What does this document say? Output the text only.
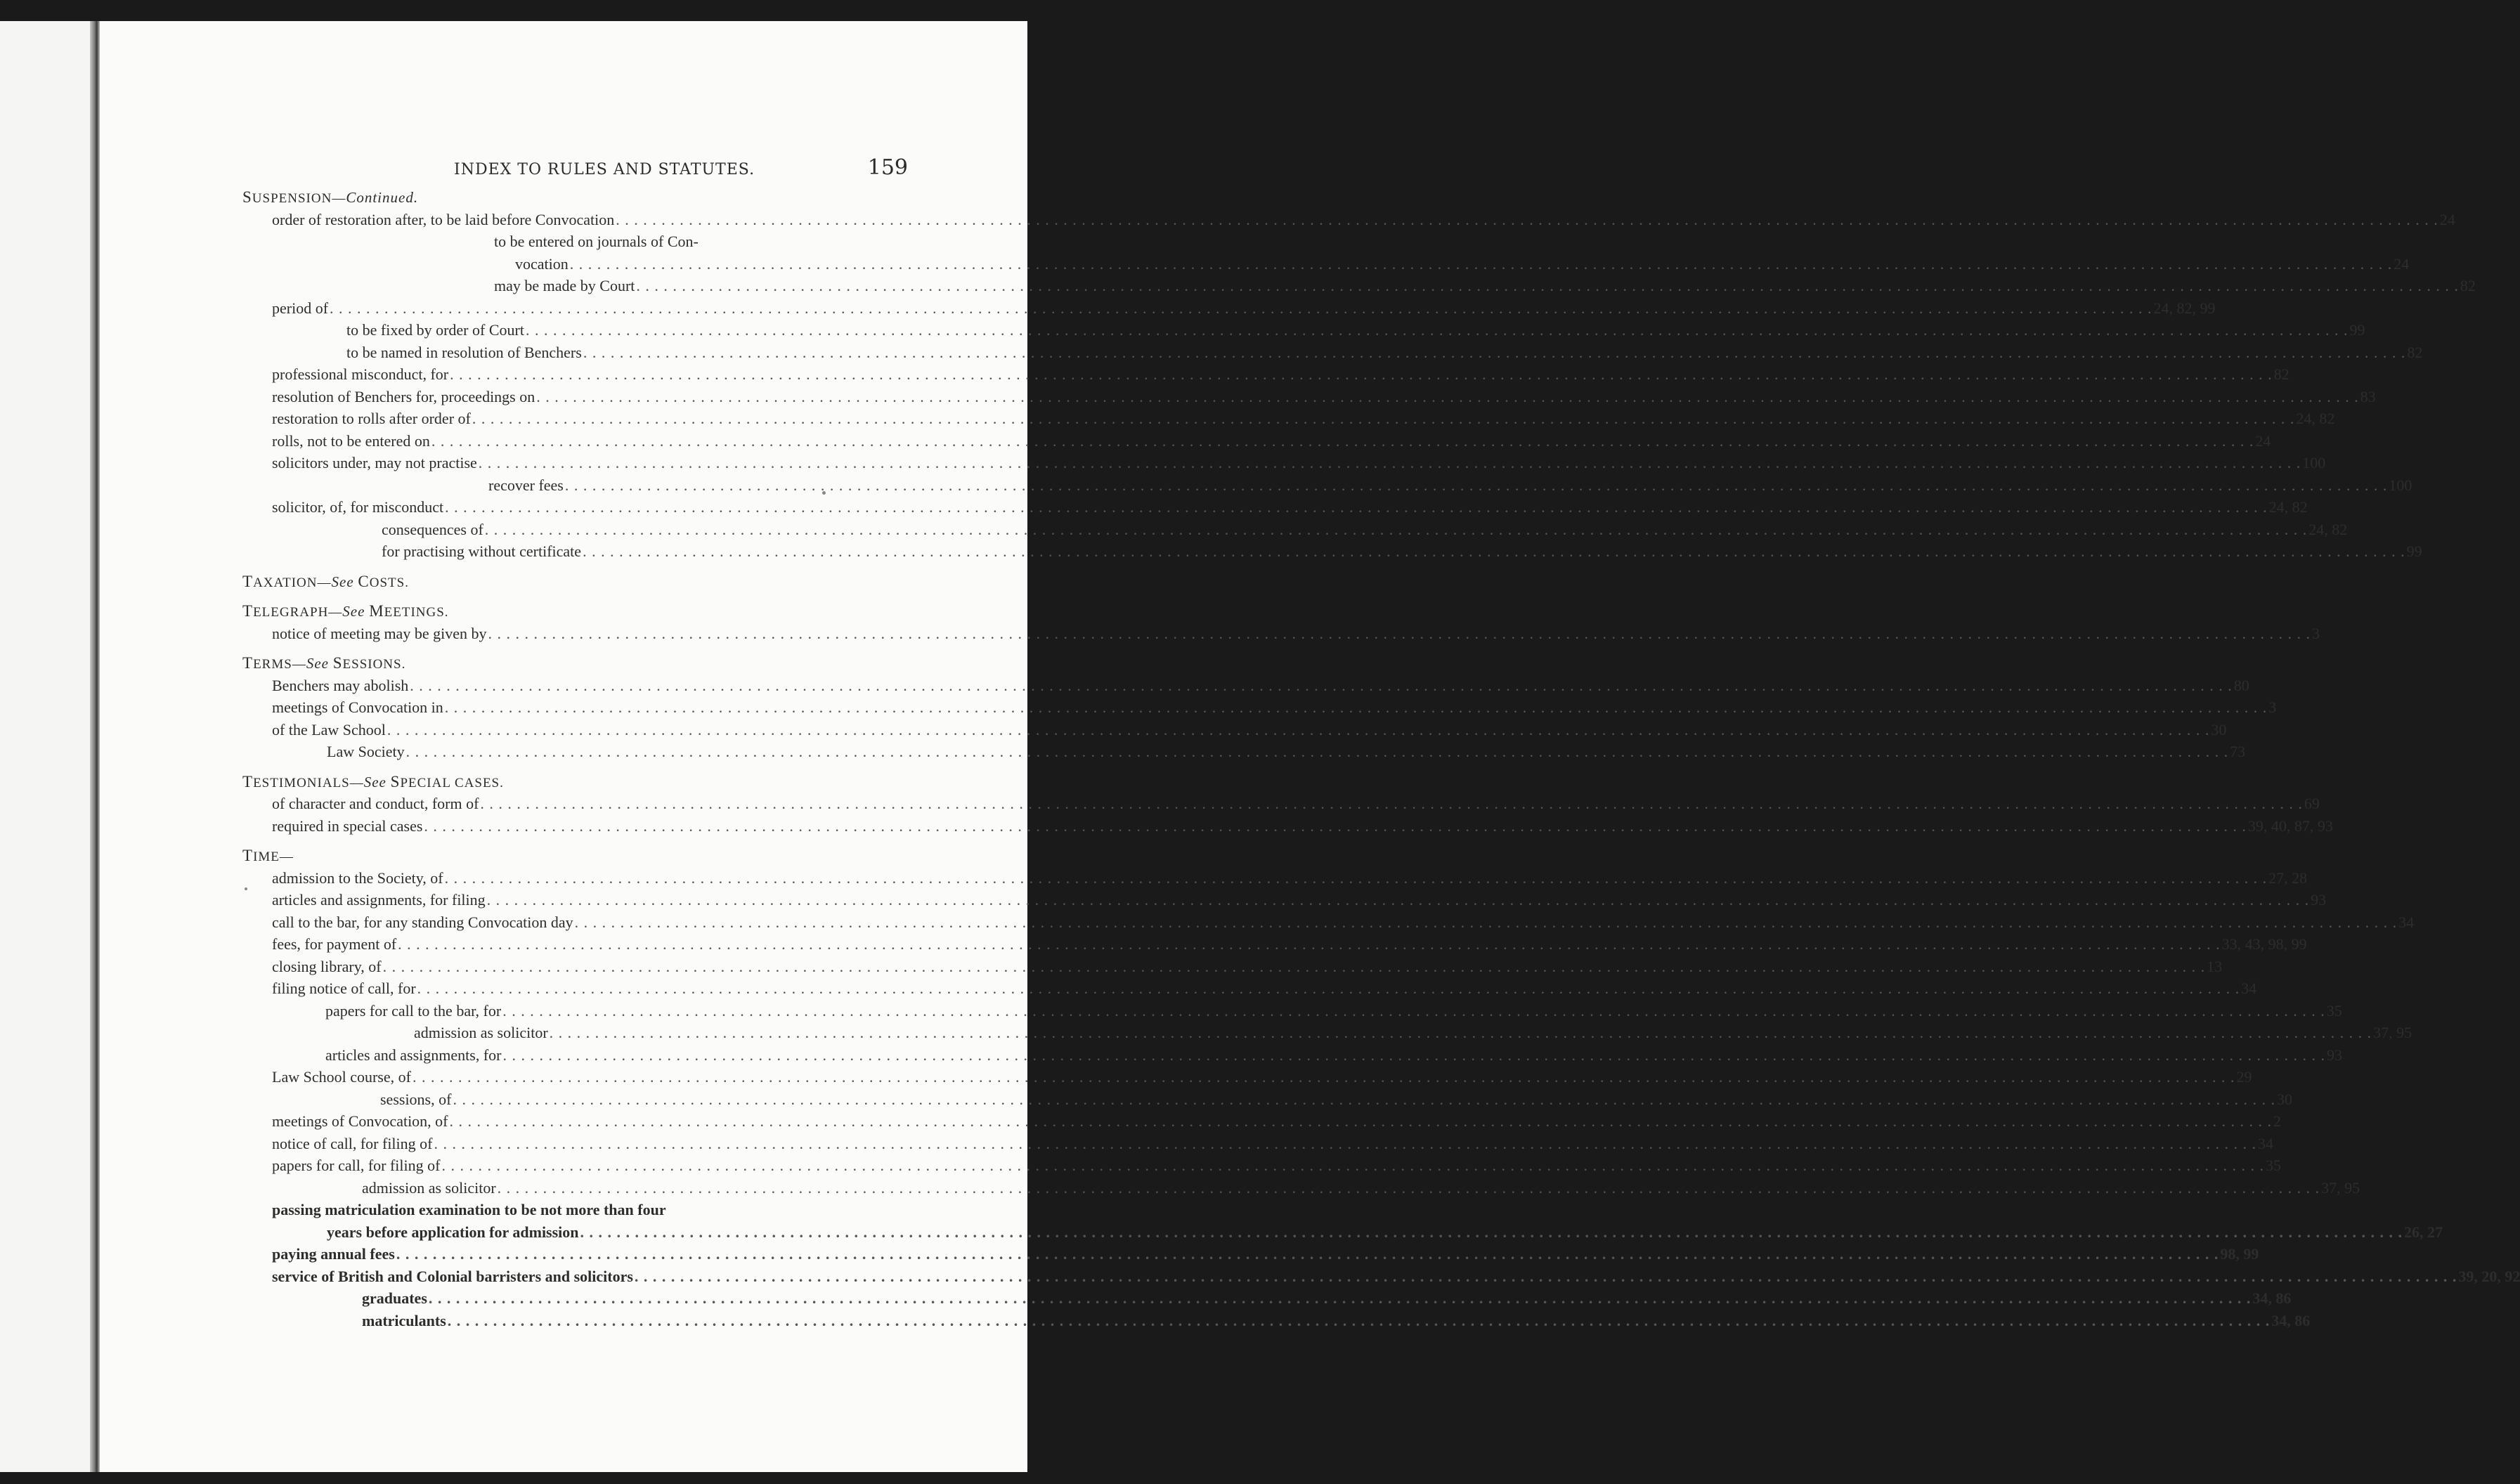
INDEX TO RULES AND STATUTES.	159
SUSPENSION—Continued.
order of restoration after, to be laid before Convocation . . . . . . . . . . . . . . . . . . . . . . . . . . . . . . . . . . . . . . . . . . . . . . . . . . . . . . . . . . . . . . . . . . . . . . . . . . . . . . . . . . . . . . . . . . . . . . . . . . . . . . . . . . . . . . . . . . . . . . . . . . . . . . . . . . . . . . . . . . . . . . . . . . . . . . . . . . . . . . . . . . . . . . . . . . . . . . . . . . . . . . . . . . . . . . . . . . . . . . . . 24
to be entered on journals of Con-
vocation . . . . . . . . . . . . . . . . . . . . . . . . . . . . . . . . . . . . . . . . . . . . . . . . . . . . . . . . . . . . . . . . . . . . . . . . . . . . . . . . . . . . . . . . . . . . . . . . . . . . . . . . . . . . . . . . . . . . . . . . . . . . . . . . . . . . . . . . . . . . . . . . . . . . . . . . . . . . . . . . . . . . . . . . . . . . . . . . . . . . . . . . . . . . . . . . . . . . . . . . 24
may be made by Court . . . . . . . . . . . . . . . . . . . . . . . . . . . . . . . . . . . . . . . . . . . . . . . . . . . . . . . . . . . . . . . . . . . . . . . . . . . . . . . . . . . . . . . . . . . . . . . . . . . . . . . . . . . . . . . . . . . . . . . . . . . . . . . . . . . . . . . . . . . . . . . . . . . . . . . . . . . . . . . . . . . . . . . . . . . . . . . . . . . . . . . . . . . . . . . . . . . . . . . . 82
period of . . . . . . . . . . . . . . . . . . . . . . . . . . . . . . . . . . . . . . . . . . . . . . . . . . . . . . . . . . . . . . . . . . . . . . . . . . . . . . . . . . . . . . . . . . . . . . . . . . . . . . . . . . . . . . . . . . . . . . . . . . . . . . . . . . . . . . . . . . . . . . . . . . . . . . . . . . . . . . . . . . . . . . . . . . . . . . . . . . . . . . . . . . . . . . . . . . . . . . . . 24, 82, 99
to be fixed by order of Court . . . . . . . . . . . . . . . . . . . . . . . . . . . . . . . . . . . . . . . . . . . . . . . . . . . . . . . . . . . . . . . . . . . . . . . . . . . . . . . . . . . . . . . . . . . . . . . . . . . . . . . . . . . . . . . . . . . . . . . . . . . . . . . . . . . . . . . . . . . . . . . . . . . . . . . . . . . . . . . . . . . . . . . . . . . . . . . . . . . . . . . . . . . . . . . . . . . . . . . . 99
to be named in resolution of Benchers . . . . . . . . . . . . . . . . . . . . . . . . . . . . . . . . . . . . . . . . . . . . . . . . . . . . . . . . . . . . . . . . . . . . . . . . . . . . . . . . . . . . . . . . . . . . . . . . . . . . . . . . . . . . . . . . . . . . . . . . . . . . . . . . . . . . . . . . . . . . . . . . . . . . . . . . . . . . . . . . . . . . . . . . . . . . . . . . . . . . . . . . . . . . . . . . . . . . . . . . 82
professional misconduct, for . . . . . . . . . . . . . . . . . . . . . . . . . . . . . . . . . . . . . . . . . . . . . . . . . . . . . . . . . . . . . . . . . . . . . . . . . . . . . . . . . . . . . . . . . . . . . . . . . . . . . . . . . . . . . . . . . . . . . . . . . . . . . . . . . . . . . . . . . . . . . . . . . . . . . . . . . . . . . . . . . . . . . . . . . . . . . . . . . . . . . . . . . . . . . . . . . . . . . . . . 82
resolution of Benchers for, proceedings on . . . . . . . . . . . . . . . . . . . . . . . . . . . . . . . . . . . . . . . . . . . . . . . . . . . . . . . . . . . . . . . . . . . . . . . . . . . . . . . . . . . . . . . . . . . . . . . . . . . . . . . . . . . . . . . . . . . . . . . . . . . . . . . . . . . . . . . . . . . . . . . . . . . . . . . . . . . . . . . . . . . . . . . . . . . . . . . . . . . . . . . . . . . . . . . . . . . . . . . . 83
restoration to rolls after order of . . . . . . . . . . . . . . . . . . . . . . . . . . . . . . . . . . . . . . . . . . . . . . . . . . . . . . . . . . . . . . . . . . . . . . . . . . . . . . . . . . . . . . . . . . . . . . . . . . . . . . . . . . . . . . . . . . . . . . . . . . . . . . . . . . . . . . . . . . . . . . . . . . . . . . . . . . . . . . . . . . . . . . . . . . . . . . . . . . . . . . . . . . . . . . . . . . . . . . . . 24, 82
rolls, not to be entered on . . . . . . . . . . . . . . . . . . . . . . . . . . . . . . . . . . . . . . . . . . . . . . . . . . . . . . . . . . . . . . . . . . . . . . . . . . . . . . . . . . . . . . . . . . . . . . . . . . . . . . . . . . . . . . . . . . . . . . . . . . . . . . . . . . . . . . . . . . . . . . . . . . . . . . . . . . . . . . . . . . . . . . . . . . . . . . . . . . . . . . . . . . . . . . . . . . . . . . . . 24
solicitors under, may not practise . . . . . . . . . . . . . . . . . . . . . . . . . . . . . . . . . . . . . . . . . . . . . . . . . . . . . . . . . . . . . . . . . . . . . . . . . . . . . . . . . . . . . . . . . . . . . . . . . . . . . . . . . . . . . . . . . . . . . . . . . . . . . . . . . . . . . . . . . . . . . . . . . . . . . . . . . . . . . . . . . . . . . . . . . . . . . . . . . . . . . . . . . . . . . . . . . . . . . . . . 100
recover fees . . . . . . . . . . . . . . . . . . . . . . . . . . . . . . . . . . . . . . . . . . . . . . . . . . . . . . . . . . . . . . . . . . . . . . . . . . . . . . . . . . . . . . . . . . . . . . . . . . . . . . . . . . . . . . . . . . . . . . . . . . . . . . . . . . . . . . . . . . . . . . . . . . . . . . . . . . . . . . . . . . . . . . . . . . . . . . . . . . . . . . . . . . . . . . . . . . . . . . . . 100
solicitor, of, for misconduct . . . . . . . . . . . . . . . . . . . . . . . . . . . . . . . . . . . . . . . . . . . . . . . . . . . . . . . . . . . . . . . . . . . . . . . . . . . . . . . . . . . . . . . . . . . . . . . . . . . . . . . . . . . . . . . . . . . . . . . . . . . . . . . . . . . . . . . . . . . . . . . . . . . . . . . . . . . . . . . . . . . . . . . . . . . . . . . . . . . . . . . . . . . . . . . . . . . . . . . . 24, 82
consequences of . . . . . . . . . . . . . . . . . . . . . . . . . . . . . . . . . . . . . . . . . . . . . . . . . . . . . . . . . . . . . . . . . . . . . . . . . . . . . . . . . . . . . . . . . . . . . . . . . . . . . . . . . . . . . . . . . . . . . . . . . . . . . . . . . . . . . . . . . . . . . . . . . . . . . . . . . . . . . . . . . . . . . . . . . . . . . . . . . . . . . . . . . . . . . . . . . . . . . . . . 24, 82
for practising without certificate . . . . . . . . . . . . . . . . . . . . . . . . . . . . . . . . . . . . . . . . . . . . . . . . . . . . . . . . . . . . . . . . . . . . . . . . . . . . . . . . . . . . . . . . . . . . . . . . . . . . . . . . . . . . . . . . . . . . . . . . . . . . . . . . . . . . . . . . . . . . . . . . . . . . . . . . . . . . . . . . . . . . . . . . . . . . . . . . . . . . . . . . . . . . . . . . . . . . . . . . 99
TAXATION—See COSTS.
TELEGRAPH—See MEETINGS.
notice of meeting may be given by . . . . . . . . . . . . . . . . . . . . . . . . . . . . . . . . . . . . . . . . . . . . . . . . . . . . . . . . . . . . . . . . . . . . . . . . . . . . . . . . . . . . . . . . . . . . . . . . . . . . . . . . . . . . . . . . . . . . . . . . . . . . . . . . . . . . . . . . . . . . . . . . . . . . . . . . . . . . . . . . . . . . . . . . . . . . . . . . . . . . . . . . . . . . . . . . . . . . . . . . 3
TERMS—See SESSIONS.
Benchers may abolish . . . . . . . . . . . . . . . . . . . . . . . . . . . . . . . . . . . . . . . . . . . . . . . . . . . . . . . . . . . . . . . . . . . . . . . . . . . . . . . . . . . . . . . . . . . . . . . . . . . . . . . . . . . . . . . . . . . . . . . . . . . . . . . . . . . . . . . . . . . . . . . . . . . . . . . . . . . . . . . . . . . . . . . . . . . . . . . . . . . . . . . . . . . . . . . . . . . . . . . . 80
meetings of Convocation in . . . . . . . . . . . . . . . . . . . . . . . . . . . . . . . . . . . . . . . . . . . . . . . . . . . . . . . . . . . . . . . . . . . . . . . . . . . . . . . . . . . . . . . . . . . . . . . . . . . . . . . . . . . . . . . . . . . . . . . . . . . . . . . . . . . . . . . . . . . . . . . . . . . . . . . . . . . . . . . . . . . . . . . . . . . . . . . . . . . . . . . . . . . . . . . . . . . . . . . . 3
of the Law School . . . . . . . . . . . . . . . . . . . . . . . . . . . . . . . . . . . . . . . . . . . . . . . . . . . . . . . . . . . . . . . . . . . . . . . . . . . . . . . . . . . . . . . . . . . . . . . . . . . . . . . . . . . . . . . . . . . . . . . . . . . . . . . . . . . . . . . . . . . . . . . . . . . . . . . . . . . . . . . . . . . . . . . . . . . . . . . . . . . . . . . . . . . . . . . . . . . . . . . . 30
Law Society . . . . . . . . . . . . . . . . . . . . . . . . . . . . . . . . . . . . . . . . . . . . . . . . . . . . . . . . . . . . . . . . . . . . . . . . . . . . . . . . . . . . . . . . . . . . . . . . . . . . . . . . . . . . . . . . . . . . . . . . . . . . . . . . . . . . . . . . . . . . . . . . . . . . . . . . . . . . . . . . . . . . . . . . . . . . . . . . . . . . . . . . . . . . . . . . . . . . . . . . 73
TESTIMONIALS—See SPECIAL CASES.
of character and conduct, form of . . . . . . . . . . . . . . . . . . . . . . . . . . . . . . . . . . . . . . . . . . . . . . . . . . . . . . . . . . . . . . . . . . . . . . . . . . . . . . . . . . . . . . . . . . . . . . . . . . . . . . . . . . . . . . . . . . . . . . . . . . . . . . . . . . . . . . . . . . . . . . . . . . . . . . . . . . . . . . . . . . . . . . . . . . . . . . . . . . . . . . . . . . . . . . . . . . . . . . . . 69
required in special cases . . . . . . . . . . . . . . . . . . . . . . . . . . . . . . . . . . . . . . . . . . . . . . . . . . . . . . . . . . . . . . . . . . . . . . . . . . . . . . . . . . . . . . . . . . . . . . . . . . . . . . . . . . . . . . . . . . . . . . . . . . . . . . . . . . . . . . . . . . . . . . . . . . . . . . . . . . . . . . . . . . . . . . . . . . . . . . . . . . . . . . . . . . . . . . . . . . . . . . . . 39, 40, 87, 93
TIME—
admission to the Society, of . . . . . . . . . . . . . . . . . . . . . . . . . . . . . . . . . . . . . . . . . . . . . . . . . . . . . . . . . . . . . . . . . . . . . . . . . . . . . . . . . . . . . . . . . . . . . . . . . . . . . . . . . . . . . . . . . . . . . . . . . . . . . . . . . . . . . . . . . . . . . . . . . . . . . . . . . . . . . . . . . . . . . . . . . . . . . . . . . . . . . . . . . . . . . . . . . . . . . . . . 27, 28
articles and assignments, for filing . . . . . . . . . . . . . . . . . . . . . . . . . . . . . . . . . . . . . . . . . . . . . . . . . . . . . . . . . . . . . . . . . . . . . . . . . . . . . . . . . . . . . . . . . . . . . . . . . . . . . . . . . . . . . . . . . . . . . . . . . . . . . . . . . . . . . . . . . . . . . . . . . . . . . . . . . . . . . . . . . . . . . . . . . . . . . . . . . . . . . . . . . . . . . . . . . . . . . . . . 93
call to the bar, for any standing Convocation day . . . . . . . . . . . . . . . . . . . . . . . . . . . . . . . . . . . . . . . . . . . . . . . . . . . . . . . . . . . . . . . . . . . . . . . . . . . . . . . . . . . . . . . . . . . . . . . . . . . . . . . . . . . . . . . . . . . . . . . . . . . . . . . . . . . . . . . . . . . . . . . . . . . . . . . . . . . . . . . . . . . . . . . . . . . . . . . . . . . . . . . . . . . . . . . . . . . . . . . . 34
fees, for payment of . . . . . . . . . . . . . . . . . . . . . . . . . . . . . . . . . . . . . . . . . . . . . . . . . . . . . . . . . . . . . . . . . . . . . . . . . . . . . . . . . . . . . . . . . . . . . . . . . . . . . . . . . . . . . . . . . . . . . . . . . . . . . . . . . . . . . . . . . . . . . . . . . . . . . . . . . . . . . . . . . . . . . . . . . . . . . . . . . . . . . . . . . . . . . . . . . . . . . . . . 33, 43, 98, 99
closing library, of . . . . . . . . . . . . . . . . . . . . . . . . . . . . . . . . . . . . . . . . . . . . . . . . . . . . . . . . . . . . . . . . . . . . . . . . . . . . . . . . . . . . . . . . . . . . . . . . . . . . . . . . . . . . . . . . . . . . . . . . . . . . . . . . . . . . . . . . . . . . . . . . . . . . . . . . . . . . . . . . . . . . . . . . . . . . . . . . . . . . . . . . . . . . . . . . . . . . . . . . 13
filing notice of call, for . . . . . . . . . . . . . . . . . . . . . . . . . . . . . . . . . . . . . . . . . . . . . . . . . . . . . . . . . . . . . . . . . . . . . . . . . . . . . . . . . . . . . . . . . . . . . . . . . . . . . . . . . . . . . . . . . . . . . . . . . . . . . . . . . . . . . . . . . . . . . . . . . . . . . . . . . . . . . . . . . . . . . . . . . . . . . . . . . . . . . . . . . . . . . . . . . . . . . . . . 34
papers for call to the bar, for . . . . . . . . . . . . . . . . . . . . . . . . . . . . . . . . . . . . . . . . . . . . . . . . . . . . . . . . . . . . . . . . . . . . . . . . . . . . . . . . . . . . . . . . . . . . . . . . . . . . . . . . . . . . . . . . . . . . . . . . . . . . . . . . . . . . . . . . . . . . . . . . . . . . . . . . . . . . . . . . . . . . . . . . . . . . . . . . . . . . . . . . . . . . . . . . . . . . . . . . 35
admission as solicitor . . . . . . . . . . . . . . . . . . . . . . . . . . . . . . . . . . . . . . . . . . . . . . . . . . . . . . . . . . . . . . . . . . . . . . . . . . . . . . . . . . . . . . . . . . . . . . . . . . . . . . . . . . . . . . . . . . . . . . . . . . . . . . . . . . . . . . . . . . . . . . . . . . . . . . . . . . . . . . . . . . . . . . . . . . . . . . . . . . . . . . . . . . . . . . . . . . . . . . . . 37, 95
articles and assignments, for . . . . . . . . . . . . . . . . . . . . . . . . . . . . . . . . . . . . . . . . . . . . . . . . . . . . . . . . . . . . . . . . . . . . . . . . . . . . . . . . . . . . . . . . . . . . . . . . . . . . . . . . . . . . . . . . . . . . . . . . . . . . . . . . . . . . . . . . . . . . . . . . . . . . . . . . . . . . . . . . . . . . . . . . . . . . . . . . . . . . . . . . . . . . . . . . . . . . . . . . 93
Law School course, of . . . . . . . . . . . . . . . . . . . . . . . . . . . . . . . . . . . . . . . . . . . . . . . . . . . . . . . . . . . . . . . . . . . . . . . . . . . . . . . . . . . . . . . . . . . . . . . . . . . . . . . . . . . . . . . . . . . . . . . . . . . . . . . . . . . . . . . . . . . . . . . . . . . . . . . . . . . . . . . . . . . . . . . . . . . . . . . . . . . . . . . . . . . . . . . . . . . . . . . . 29
sessions, of . . . . . . . . . . . . . . . . . . . . . . . . . . . . . . . . . . . . . . . . . . . . . . . . . . . . . . . . . . . . . . . . . . . . . . . . . . . . . . . . . . . . . . . . . . . . . . . . . . . . . . . . . . . . . . . . . . . . . . . . . . . . . . . . . . . . . . . . . . . . . . . . . . . . . . . . . . . . . . . . . . . . . . . . . . . . . . . . . . . . . . . . . . . . . . . . . . . . . . . . 30
meetings of Convocation, of . . . . . . . . . . . . . . . . . . . . . . . . . . . . . . . . . . . . . . . . . . . . . . . . . . . . . . . . . . . . . . . . . . . . . . . . . . . . . . . . . . . . . . . . . . . . . . . . . . . . . . . . . . . . . . . . . . . . . . . . . . . . . . . . . . . . . . . . . . . . . . . . . . . . . . . . . . . . . . . . . . . . . . . . . . . . . . . . . . . . . . . . . . . . . . . . . . . . . . . . 2
notice of call, for filing of . . . . . . . . . . . . . . . . . . . . . . . . . . . . . . . . . . . . . . . . . . . . . . . . . . . . . . . . . . . . . . . . . . . . . . . . . . . . . . . . . . . . . . . . . . . . . . . . . . . . . . . . . . . . . . . . . . . . . . . . . . . . . . . . . . . . . . . . . . . . . . . . . . . . . . . . . . . . . . . . . . . . . . . . . . . . . . . . . . . . . . . . . . . . . . . . . . . . . . . . 34
papers for call, for filing of . . . . . . . . . . . . . . . . . . . . . . . . . . . . . . . . . . . . . . . . . . . . . . . . . . . . . . . . . . . . . . . . . . . . . . . . . . . . . . . . . . . . . . . . . . . . . . . . . . . . . . . . . . . . . . . . . . . . . . . . . . . . . . . . . . . . . . . . . . . . . . . . . . . . . . . . . . . . . . . . . . . . . . . . . . . . . . . . . . . . . . . . . . . . . . . . . . . . . . . . 35
admission as solicitor . . . . . . . . . . . . . . . . . . . . . . . . . . . . . . . . . . . . . . . . . . . . . . . . . . . . . . . . . . . . . . . . . . . . . . . . . . . . . . . . . . . . . . . . . . . . . . . . . . . . . . . . . . . . . . . . . . . . . . . . . . . . . . . . . . . . . . . . . . . . . . . . . . . . . . . . . . . . . . . . . . . . . . . . . . . . . . . . . . . . . . . . . . . . . . . . . . . . . . . . 37, 95
passing matriculation examination to be not more than four
years before application for admission . . . . . . . . . . . . . . . . . . . . . . . . . . . . . . . . . . . . . . . . . . . . . . . . . . . . . . . . . . . . . . . . . . . . . . . . . . . . . . . . . . . . . . . . . . . . . . . . . . . . . . . . . . . . . . . . . . . . . . . . . . . . . . . . . . . . . . . . . . . . . . . . . . . . . . . . . . . . . . . . . . . . . . . . . . . . . . . . . . . . . . . . . . . . . . . . . . . . . . . . 26, 27
paying annual fees . . . . . . . . . . . . . . . . . . . . . . . . . . . . . . . . . . . . . . . . . . . . . . . . . . . . . . . . . . . . . . . . . . . . . . . . . . . . . . . . . . . . . . . . . . . . . . . . . . . . . . . . . . . . . . . . . . . . . . . . . . . . . . . . . . . . . . . . . . . . . . . . . . . . . . . . . . . . . . . . . . . . . . . . . . . . . . . . . . . . . . . . . . . . . . . . . . . . . . . . 98, 99
service of British and Colonial barristers and solicitors . . . . . . . . . . . . . . . . . . . . . . . . . . . . . . . . . . . . . . . . . . . . . . . . . . . . . . . . . . . . . . . . . . . . . . . . . . . . . . . . . . . . . . . . . . . . . . . . . . . . . . . . . . . . . . . . . . . . . . . . . . . . . . . . . . . . . . . . . . . . . . . . . . . . . . . . . . . . . . . . . . . . . . . . . . . . . . . . . . . . . . . . . . . . . . . . . . . . . . . . 39, 20, 92
graduates . . . . . . . . . . . . . . . . . . . . . . . . . . . . . . . . . . . . . . . . . . . . . . . . . . . . . . . . . . . . . . . . . . . . . . . . . . . . . . . . . . . . . . . . . . . . . . . . . . . . . . . . . . . . . . . . . . . . . . . . . . . . . . . . . . . . . . . . . . . . . . . . . . . . . . . . . . . . . . . . . . . . . . . . . . . . . . . . . . . . . . . . . . . . . . . . . . . . . . . . 34, 86
matriculants . . . . . . . . . . . . . . . . . . . . . . . . . . . . . . . . . . . . . . . . . . . . . . . . . . . . . . . . . . . . . . . . . . . . . . . . . . . . . . . . . . . . . . . . . . . . . . . . . . . . . . . . . . . . . . . . . . . . . . . . . . . . . . . . . . . . . . . . . . . . . . . . . . . . . . . . . . . . . . . . . . . . . . . . . . . . . . . . . . . . . . . . . . . . . . . . . . . . . . . . 34, 86
